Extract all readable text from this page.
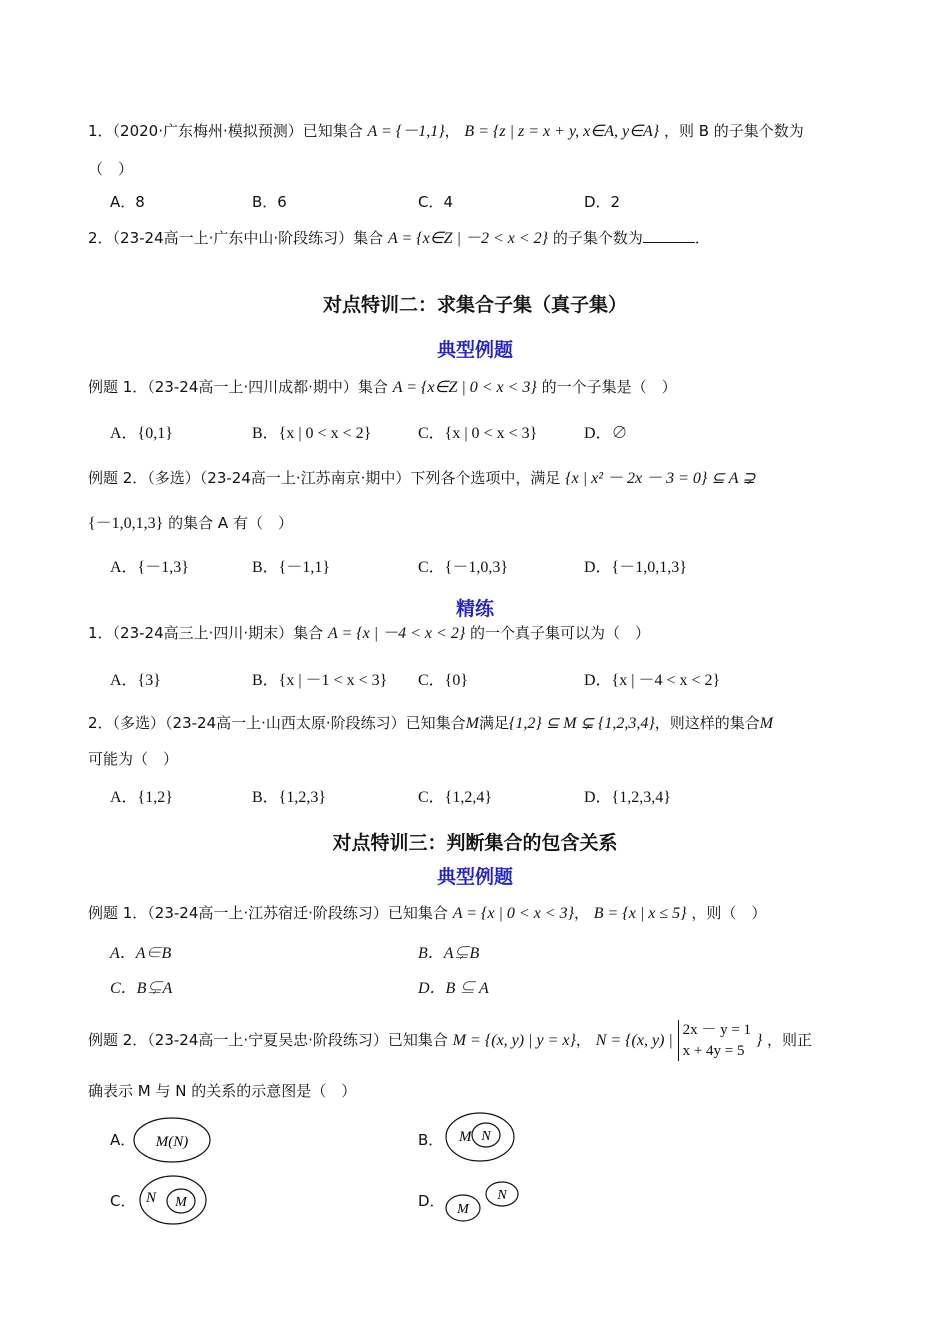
1．（2020·广东梅州·模拟预测）已知集合 A = {－1,1}， B = {z | z = x + y, x∈A, y∈A} ，则 B 的子集个数为
（　）
A．8	B．6	C．4	D．2
2．（23-24高一上·广东中山·阶段练习）集合 A = {x∈Z | －2 < x < 2} 的子集个数为	．
对点特训二：求集合子集（真子集）
典型例题
例题 1．（23-24高一上·四川成都·期中）集合 A = {x∈Z | 0 < x < 3} 的一个子集是（　）
A．{0,1}	B．{x | 0 < x < 2}	C．{x | 0 < x < 3}	D．∅
例题 2．（多选）（23-24高一上·江苏南京·期中）下列各个选项中，满足 {x | x² － 2x － 3 = 0} ⊆ A ⊋
{－1,0,1,3} 的集合 A 有（　）
A．{－1,3}	B．{－1,1}	C．{－1,0,3}	D．{－1,0,1,3}
精练
1．（23-24高三上·四川·期末）集合 A = {x | －4 < x < 2} 的一个真子集可以为（　）
A．{3}	B．{x | －1 < x < 3} C．{0}	D．{x | －4 < x < 2}
2．（多选）（23-24高一上·山西太原·阶段练习）已知集合M满足{1,2} ⊆ M ⊊ {1,2,3,4}，则这样的集合M
可能为（　）
A．{1,2}	B．{1,2,3}	C．{1,2,4}	D．{1,2,3,4}
对点特训三：判断集合的包含关系
典型例题
例题 1．（23-24高一上·江苏宿迁·阶段练习）已知集合 A = {x | 0 < x < 3}， B = {x | x ≤ 5} ，则（　）
A．A∈B	B．A⊊B
C．B⊊A	D．B ⊆ A
例题 2．（23-24高一上·宁夏吴忠·阶段练习）已知集合 M = {(x, y) | y = x}， N = {(x, y) |
2x － y = 1
x + 4y = 5
} ，则正
确表示 M 与 N 的关系的示意图是（　）
A． M(N)	B． M N
C． N M	D． M
N
